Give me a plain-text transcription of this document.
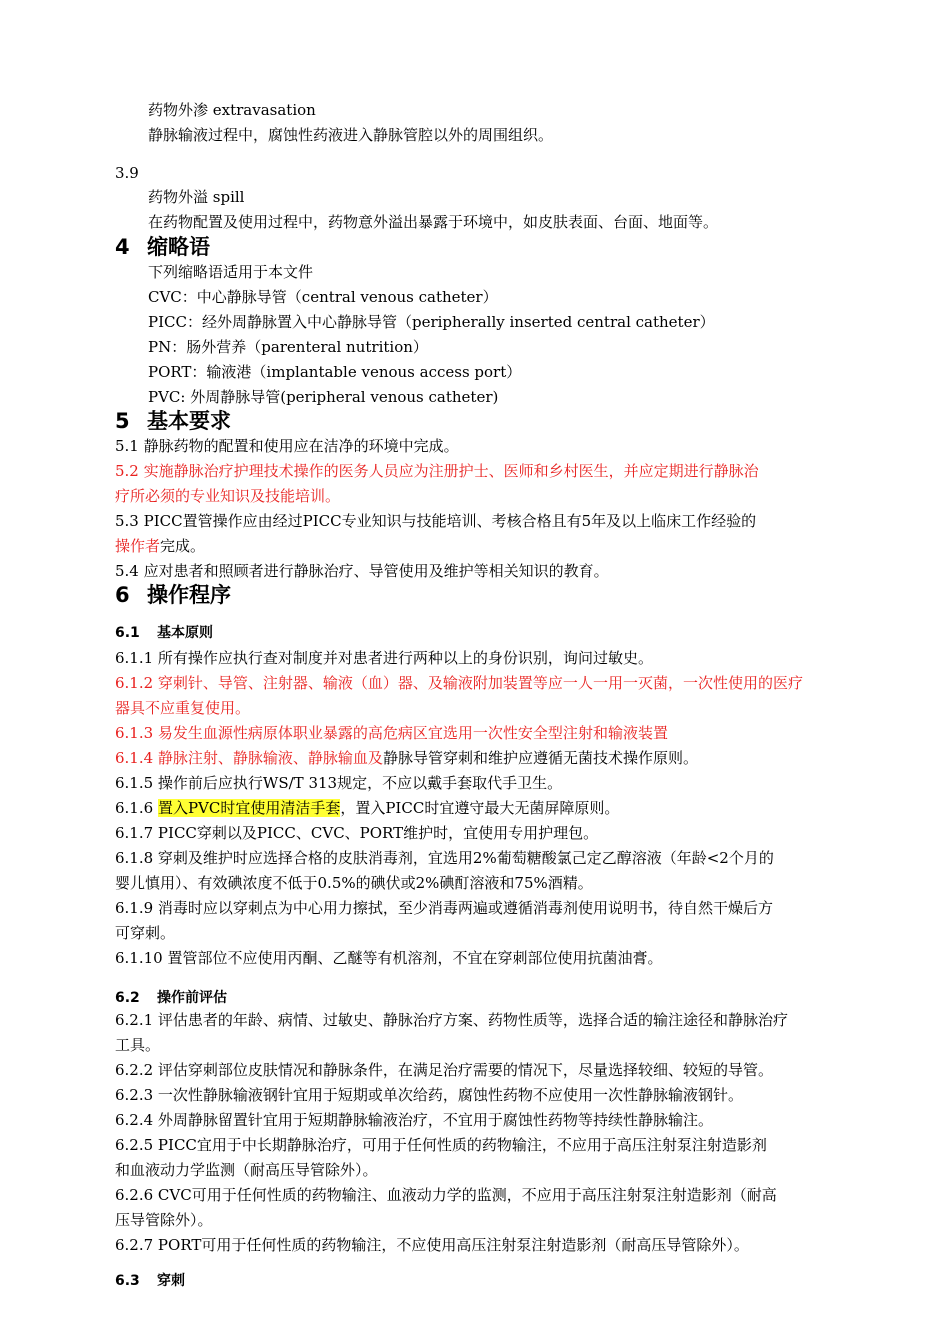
药物外渗 extravasation
静脉输液过程中，腐蚀性药液进入静脉管腔以外的周围组织。
3.9
药物外溢 spill
在药物配置及使用过程中，药物意外溢出暴露于环境中，如皮肤表面、台面、地面等。
4 缩略语
下列缩略语适用于本文件
CVC：中心静脉导管（central venous catheter）
PICC：经外周静脉置入中心静脉导管（peripherally inserted central catheter）
PN：肠外营养（parenteral nutrition）
PORT：输液港（implantable venous access port）
PVC: 外周静脉导管(peripheral venous catheter)
5 基本要求
5.1 静脉药物的配置和使用应在洁净的环境中完成。
5.2 实施静脉治疗护理技术操作的医务人员应为注册护士、医师和乡村医生，并应定期进行静脉治
疗所必须的专业知识及技能培训。
5.3 PICC置管操作应由经过PICC专业知识与技能培训、考核合格且有5年及以上临床工作经验的
操作者完成。
5.4 应对患者和照顾者进行静脉治疗、导管使用及维护等相关知识的教育。
6 操作程序
6.1 基本原则
6.1.1 所有操作应执行查对制度并对患者进行两种以上的身份识别，询问过敏史。
6.1.2 穿刺针、导管、注射器、输液（血）器、及输液附加装置等应一人一用一灭菌，一次性使用的医疗
器具不应重复使用。
6.1.3 易发生血源性病原体职业暴露的高危病区宜选用一次性安全型注射和输液装置
6.1.4 静脉注射、静脉输液、静脉输血及静脉导管穿刺和维护应遵循无菌技术操作原则。
6.1.5 操作前后应执行WS/T 313规定，不应以戴手套取代手卫生。
6.1.6 置入PVC时宜使用清洁手套，置入PICC时宜遵守最大无菌屏障原则。
6.1.7 PICC穿刺以及PICC、CVC、PORT维护时，宜使用专用护理包。
6.1.8 穿刺及维护时应选择合格的皮肤消毒剂，宜选用2%葡萄糖酸氯己定乙醇溶液（年龄<2个月的
婴儿慎用）、有效碘浓度不低于0.5%的碘伏或2%碘酊溶液和75%酒精。
6.1.9 消毒时应以穿刺点为中心用力擦拭，至少消毒两遍或遵循消毒剂使用说明书，待自然干燥后方
可穿刺。
6.1.10 置管部位不应使用丙酮、乙醚等有机溶剂，不宜在穿刺部位使用抗菌油膏。
6.2 操作前评估
6.2.1 评估患者的年龄、病情、过敏史、静脉治疗方案、药物性质等，选择合适的输注途径和静脉治疗
工具。
6.2.2 评估穿刺部位皮肤情况和静脉条件，在满足治疗需要的情况下，尽量选择较细、较短的导管。
6.2.3 一次性静脉输液钢针宜用于短期或单次给药，腐蚀性药物不应使用一次性静脉输液钢针。
6.2.4 外周静脉留置针宜用于短期静脉输液治疗，不宜用于腐蚀性药物等持续性静脉输注。
6.2.5 PICC宜用于中长期静脉治疗，可用于任何性质的药物输注，不应用于高压注射泵注射造影剂
和血液动力学监测（耐高压导管除外）。
6.2.6 CVC可用于任何性质的药物输注、血液动力学的监测，不应用于高压注射泵注射造影剂（耐高
压导管除外）。
6.2.7 PORT可用于任何性质的药物输注，不应使用高压注射泵注射造影剂（耐高压导管除外）。
6.3 穿刺
